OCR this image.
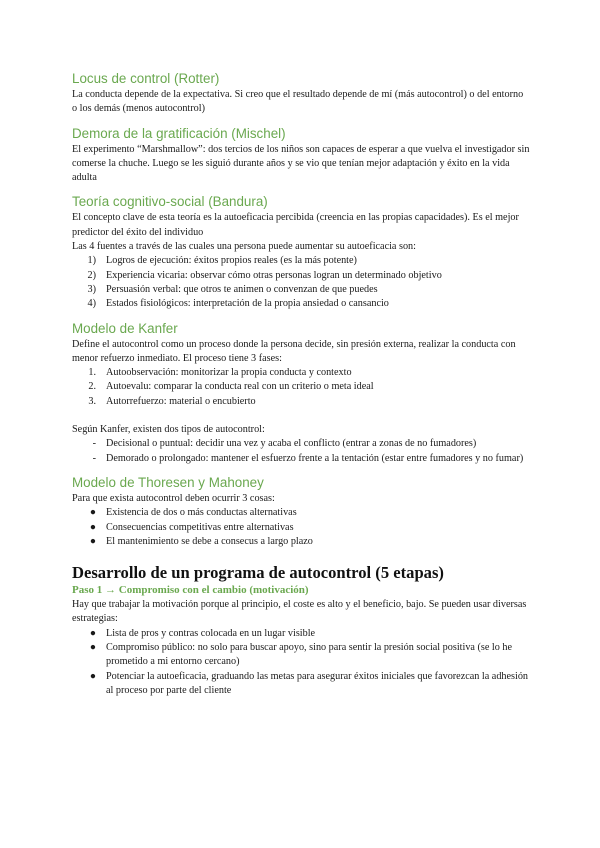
Locus de control (Rotter)

La conducta depende de la expectativa. Si creo que el resultado depende de mí (más autocontrol) o del entorno o los demás (menos autocontrol)

Demora de la gratificación (Mischel)

El experimento “Marshmallow”: dos tercios de los niños son capaces de esperar a que vuelva el investigador sin comerse la chuche. Luego se les siguió durante años y se vio que tenían mejor adaptación y éxito en la vida adulta

Teoría cognitivo-social (Bandura)

El concepto clave de esta teoría es la autoeficacia percibida (creencia en las propias capacidades). Es el mejor predictor del éxito del individuo

Las 4 fuentes a través de las cuales una persona puede aumentar su autoeficacia son:

1) Logros de ejecución: éxitos propios reales (es la más potente)
2) Experiencia vicaria: observar cómo otras personas logran un determinado objetivo
3) Persuasión verbal: que otros te animen o convenzan de que puedes
4) Estados fisiológicos: interpretación de la propia ansiedad o cansancio
Modelo de Kanfer

Define el autocontrol como un proceso donde la persona decide, sin presión externa, realizar la conducta con menor refuerzo inmediato. El proceso tiene 3 fases:

1. Autoobservación: monitorizar la propia conducta y contexto
2. Autoevalu: comparar la conducta real con un criterio o meta ideal
3. Autorrefuerzo: material o encubierto

Según Kanfer, existen dos tipos de autocontrol:

- Decisional o puntual: decidir una vez y acaba el conflicto (entrar a zonas de no fumadores)
- Demorado o prolongado: mantener el esfuerzo frente a la tentación (estar entre fumadores y no fumar)
Modelo de Thoresen y Mahoney

Para que exista autocontrol deben ocurrir 3 cosas:

● Existencia de dos o más conductas alternativas
● Consecuencias competitivas entre alternativas
● El mantenimiento se debe a consecus a largo plazo
Desarrollo de un programa de autocontrol (5 etapas)
Paso 1 → Compromiso con el cambio (motivación)

Hay que trabajar la motivación porque al principio, el coste es alto y el beneficio, bajo. Se pueden usar diversas estrategias:

● Lista de pros y contras colocada en un lugar visible
● Compromiso público: no solo para buscar apoyo, sino para sentir la presión social positiva (se lo he prometido a mi entorno cercano)
● Potenciar la autoeficacia, graduando las metas para asegurar éxitos iniciales que favorezcan la adhesión al proceso por parte del cliente
